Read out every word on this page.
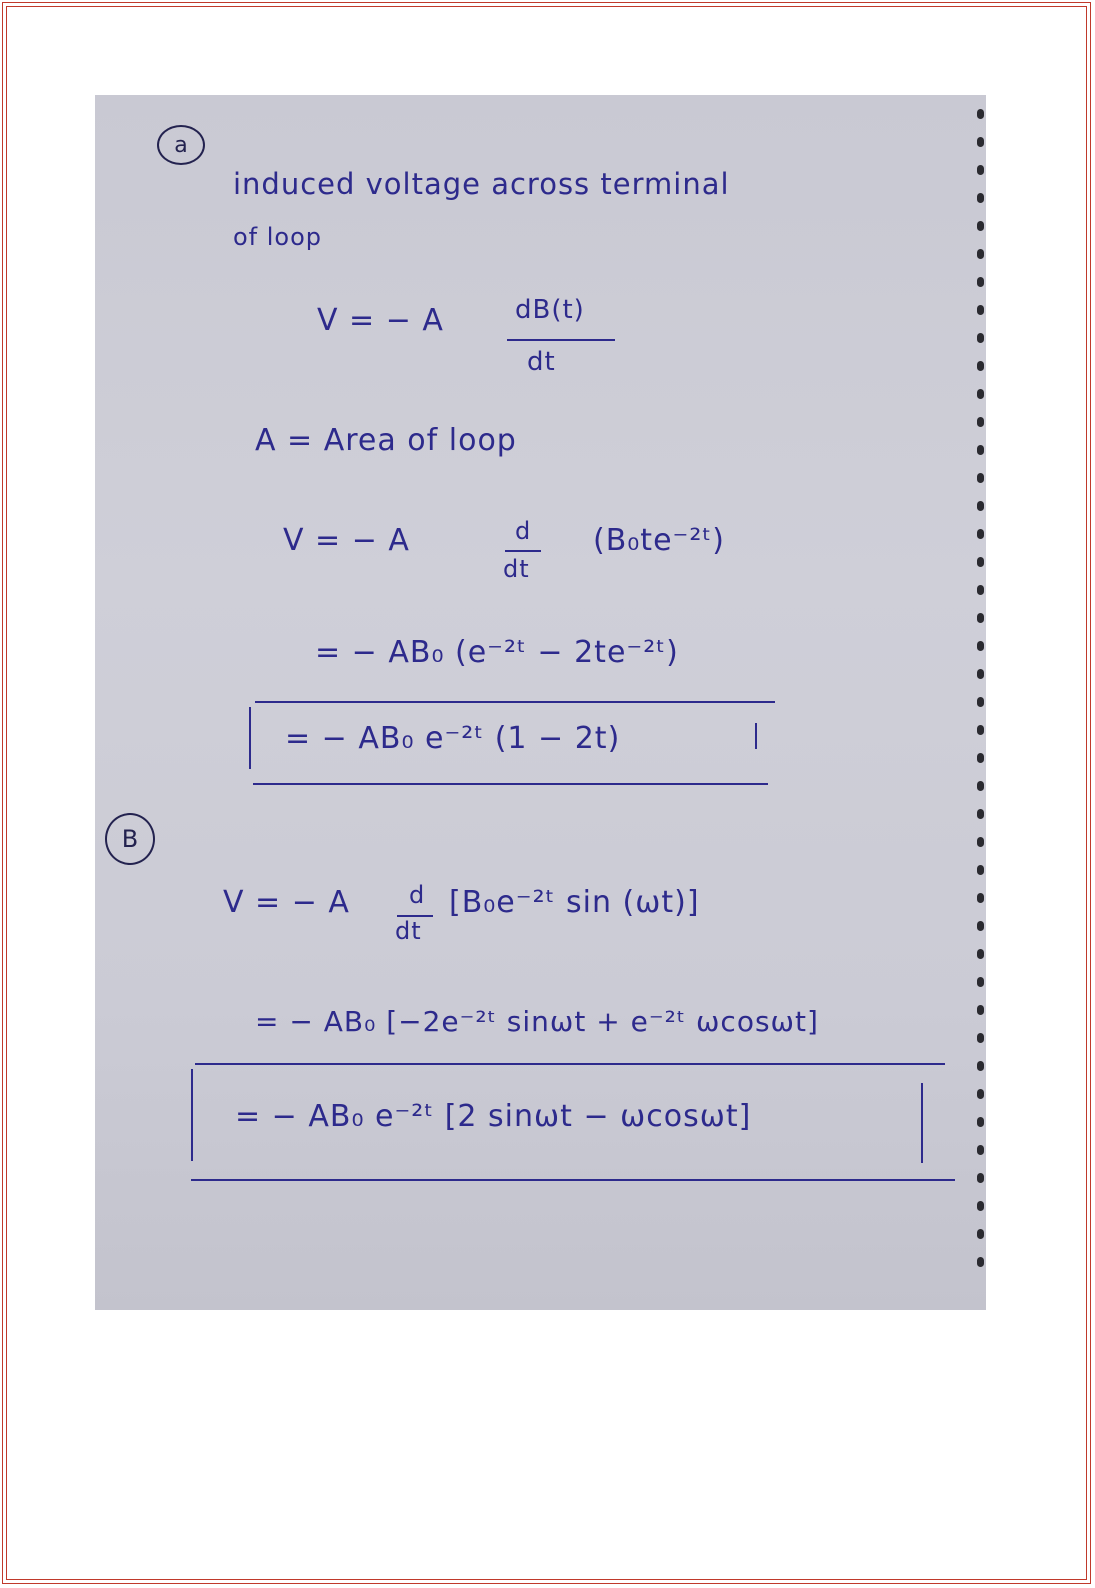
a

induced voltage across terminal

of loop

V = − A	dB(t)

dt

A = Area of loop

V = − A	d

dt

(B₀te⁻²ᵗ)

= − AB₀ (e⁻²ᵗ − 2te⁻²ᵗ)

= − AB₀ e⁻²ᵗ (1 − 2t)

B

V = − A d

dt

[B₀e⁻²ᵗ sin (ωt)]

= − AB₀ [−2e⁻²ᵗ sinωt + e⁻²ᵗ ωcosωt]

= − AB₀ e⁻²ᵗ [2 sinωt − ωcosωt]
